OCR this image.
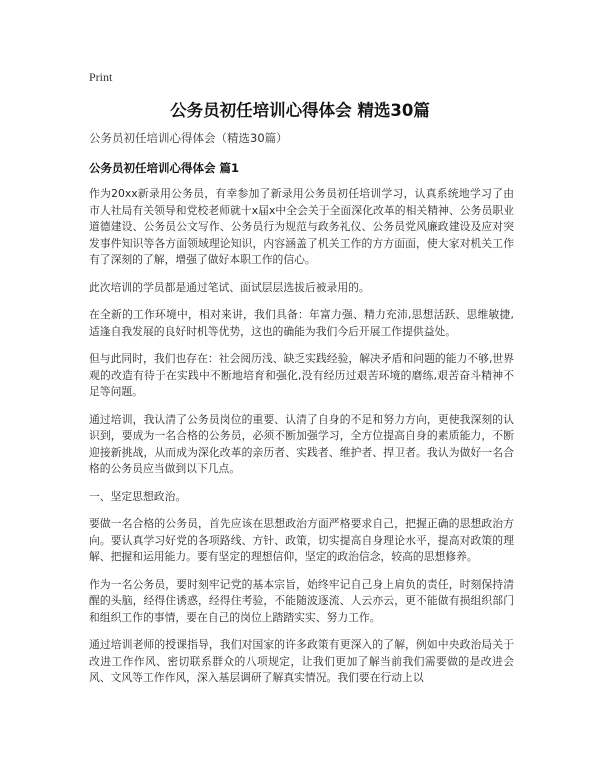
Print
公务员初任培训心得体会 精选30篇

公务员初任培训心得体会（精选30篇）

公务员初任培训心得体会 篇1

作为20xx新录用公务员，有幸参加了新录用公务员初任培训学习，认真系统地学习了由市人社局有关领导和党校老师就十x届x中全会关于全面深化改革的相关精神、公务员职业道德建设、公务员公文写作、公务员行为规范与政务礼仪、公务员党风廉政建设及应对突发事件知识等各方面领域理论知识，内容涵盖了机关工作的方方面面，使大家对机关工作有了深刻的了解，增强了做好本职工作的信心。

此次培训的学员都是通过笔试、面试层层选拔后被录用的。

在全新的工作环境中，相对来讲，我们具备：年富力强、精力充沛,思想活跃、思维敏捷,适逢自我发展的良好时机等优势，这也的确能为我们今后开展工作提供益处。

但与此同时，我们也存在：社会阅历浅、缺乏实践经验，解决矛盾和问题的能力不够,世界观的改造有待于在实践中不断地培育和强化,没有经历过艰苦环境的磨练,艰苦奋斗精神不足等问题。

通过培训，我认清了公务员岗位的重要、认清了自身的不足和努力方向，更使我深刻的认识到，要成为一名合格的公务员，必须不断加强学习，全方位提高自身的素质能力，不断迎接新挑战，从而成为深化改革的亲历者、实践者、维护者、捍卫者。我认为做好一名合格的公务员应当做到以下几点。

一、坚定思想政治。

要做一名合格的公务员，首先应该在思想政治方面严格要求自己，把握正确的思想政治方向。要认真学习好党的各项路线、方针、政策，切实提高自身理论水平，提高对政策的理解、把握和运用能力。要有坚定的理想信仰，坚定的政治信念，较高的思想修养。

作为一名公务员，要时刻牢记党的基本宗旨，始终牢记自己身上肩负的责任，时刻保持清醒的头脑，经得住诱惑，经得住考验，不能随波逐流、人云亦云，更不能做有损组织部门和组织工作的事情，要在自己的岗位上踏踏实实、努力工作。

通过培训老师的授课指导，我们对国家的许多政策有更深入的了解，例如中央政治局关于改进工作作风、密切联系群众的八项规定，让我们更加了解当前我们需要做的是改进会风、文风等工作作风，深入基层调研了解真实情况。我们要在行动上以
